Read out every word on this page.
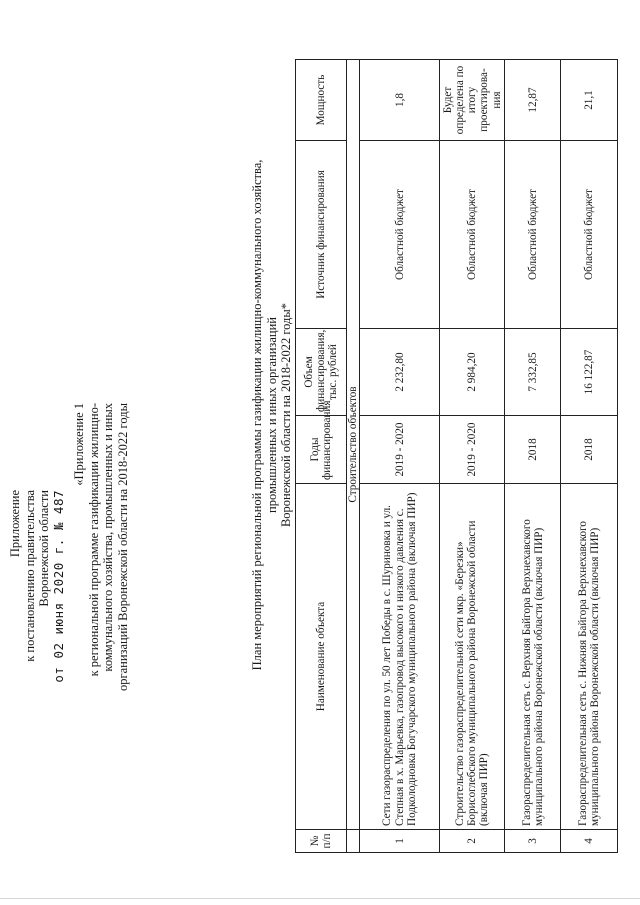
Приложение к постановлению правительства Воронежской области от 02 июня 2020 г. № 487
«Приложение 1 к региональной программе газификации жилищно- коммунального хозяйства, промышленных и иных организаций Воронежской области на 2018-2022 годы	План мероприятий региональной программы газификации жилищно-коммунального хозяйства, промышленных и иных организаций Воронежской области на 2018-2022 годы*
№ п/п	Наименование объекта	Годы финансирования	Объем финансирования, тыс. рублей	Источник финансирования	Мощность
	Строительство объектов				
1	Сети газораспределения по ул. 50 лет Победы в с. Шуриновка и ул. Степная в х. Марьевка, газопровод высокого и низкого давления с. Подколодновка Богучарского муниципального района (включая ПИР)	2019 - 2020	2 232,80	Областной бюджет	1,8
2	Строительство газораспределительной сети мкр. «Березки» Борисоглебского муниципального района Воронежской области (включая ПИР)	2019 - 2020	2 984,20	Областной бюджет	Будет определена по итогу проектирова-ния
3	Газораспределительная сеть с. Верхняя Байгора Верхнехавского муниципального района Воронежской области (включая ПИР)	2018	7 332,85	Областной бюджет	12,87
4	Газораспределительная сеть с. Нижняя Байгора Верхнехавского муниципального района Воронежской области (включая ПИР)	2018	16 122,87	Областной бюджет	21,1
